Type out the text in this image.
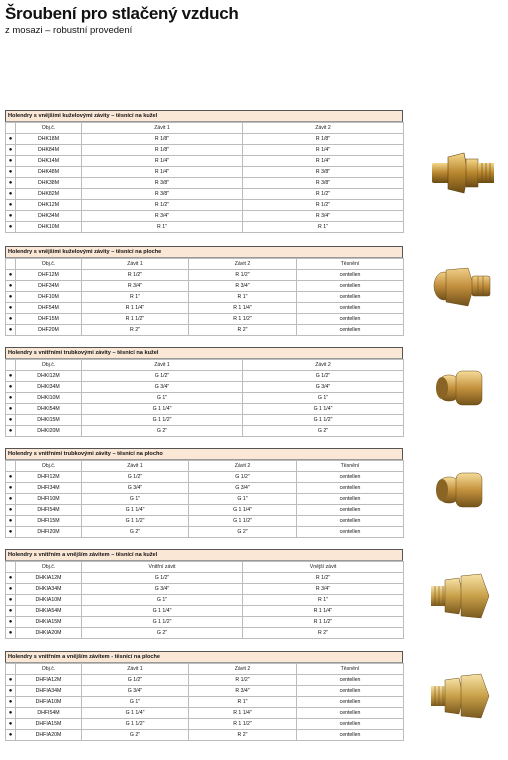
Šroubení pro stlačený vzduch
z mosazi – robustní provedení
Holendry s vnějšími kuželovými závity – těsnící na kužel
	Obj.č.	Závit 1	Závit 2
●	DHK18M	R 1/8"	R 1/8"
●	DHK84M	R 1/8"	R 1/4"
●	DHK14M	R 1/4"	R 1/4"
●	DHK48M	R 1/4"	R 3/8"
●	DHK38M	R 3/8"	R 3/8"
●	DHK82M	R 3/8"	R 1/2"
●	DHK12M	R 1/2"	R 1/2"
●	DHK34M	R 3/4"	R 3/4"
●	DHK10M	R 1"	R 1"
Holendry s vnějšími kuželovými závity – těsnící na ploche
	Obj.č.	Závit 1	Závit 2	Těsnění
●	DHF12M	R 1/2"	R 1/2"	centellen
●	DHF34M	R 3/4"	R 3/4"	centellen
●	DHF10M	R 1"	R 1"	centellen
●	DHF54M	R 1 1/4"	R 1 1/4"	centellen
●	DHF15M	R 1 1/2"	R 1 1/2"	centellen
●	DHF20M	R 2"	R 2"	centellen
Holendry s vnitřními trubkovými závity – těsnící na kužel
	Obj.č.	Závit 1	Závit 2
●	DHKI12M	G 1/2"	G 1/2"
●	DHKI34M	G 3/4"	G 3/4"
●	DHKI10M	G 1"	G 1"
●	DHKI54M	G 1 1/4"	G 1 1/4"
●	DHKI15M	G 1 1/2"	G 1 1/2"
●	DHKI20M	G 2"	G 2"
Holendry s vnitřními trubkovými závity – těsnící na plocho
	Obj.č.	Závit 1	Závit 2	Těsnění
●	DHFI12M	G 1/2"	G 1/2"	centellen
●	DHFI34M	G 3/4"	G 3/4"	centellen
●	DHFI10M	G 1"	G 1"	centellen
●	DHFI54M	G 1 1/4"	G 1 1/4"	centellen
●	DHFI15M	G 1 1/2"	G 1 1/2"	centellen
●	DHFI20M	G 2"	G 2"	centellen
Holendry s vnitřním a vnějším závitem – těsnící na kužel
	Obj.č.	Vnitřní závit	Vnější závit
●	DHKIA12M	G 1/2"	R 1/2"
●	DHKIA34M	G 3/4"	R 3/4"
●	DHKIA10M	G 1"	R 1"
●	DHKIA54M	G 1 1/4"	R 1 1/4"
●	DHKIA15M	G 1 1/2"	R 1 1/2"
●	DHKIA20M	G 2"	R 2"
Holendry s vnitřním a vnějším závitem - těsnící na ploche
	Obj.č.	Závit 1	Závit 2	Těsnění
●	DHFIA12M	G 1/2"	R 1/2"	centellen
●	DHFIA34M	G 3/4"	R 3/4"	centellen
●	DHFIA10M	G 1"	R 1"	centellen
●	DHFI54M	G 1 1/4"	R 1 1/4"	centellen
●	DHFIA15M	G 1 1/2"	R 1 1/2"	centellen
●	DHFIA20M	G 2"	R 2"	centellen
